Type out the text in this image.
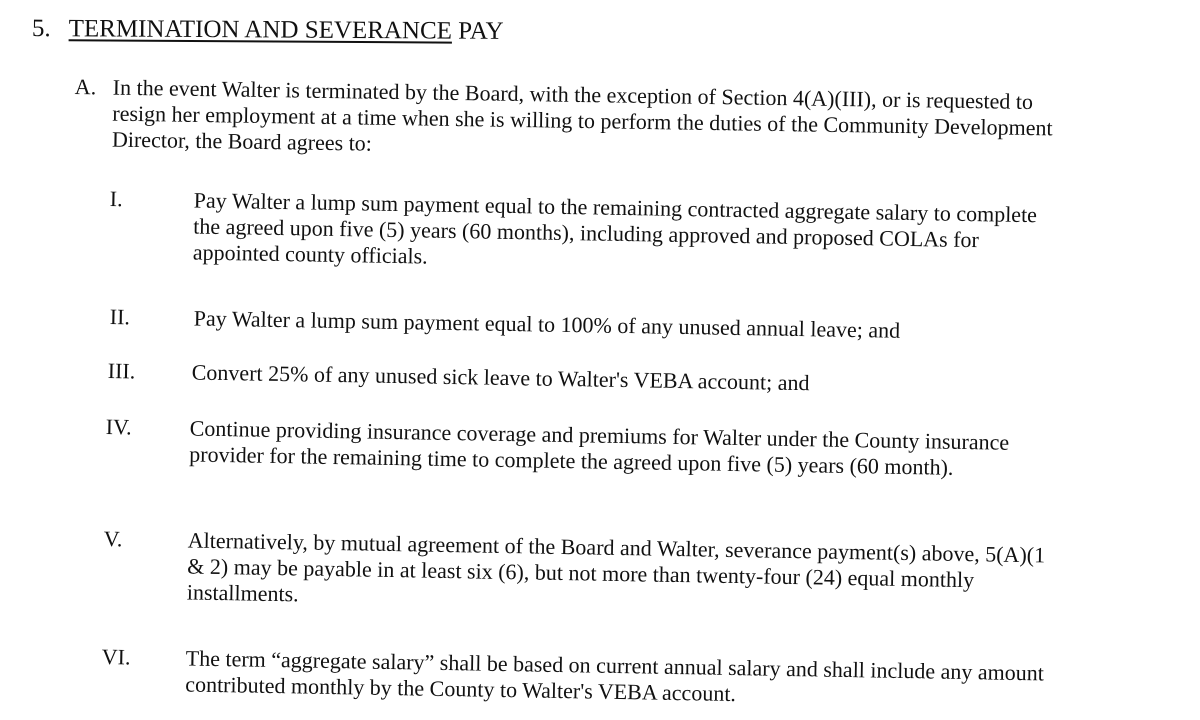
5. TERMINATION AND SEVERANCE PAY
A. In the event Walter is terminated by the Board, with the exception of Section 4(A)(III), or is requested to resign her employment at a time when she is willing to perform the duties of the Community Development Director, the Board agrees to:
I.	Pay Walter a lump sum payment equal to the remaining contracted aggregate salary to complete the agreed upon five (5) years (60 months), including approved and proposed COLAs for appointed county officials.
II.	Pay Walter a lump sum payment equal to 100% of any unused annual leave; and
III.	Convert 25% of any unused sick leave to Walter's VEBA account; and
IV.	Continue providing insurance coverage and premiums for Walter under the County insurance provider for the remaining time to complete the agreed upon five (5) years (60 month).
V.	Alternatively, by mutual agreement of the Board and Walter, severance payment(s) above, 5(A)(1 & 2) may be payable in at least six (6), but not more than twenty-four (24) equal monthly installments.
VI.	The term “aggregate salary” shall be based on current annual salary and shall include any amount contributed monthly by the County to Walter's VEBA account.
